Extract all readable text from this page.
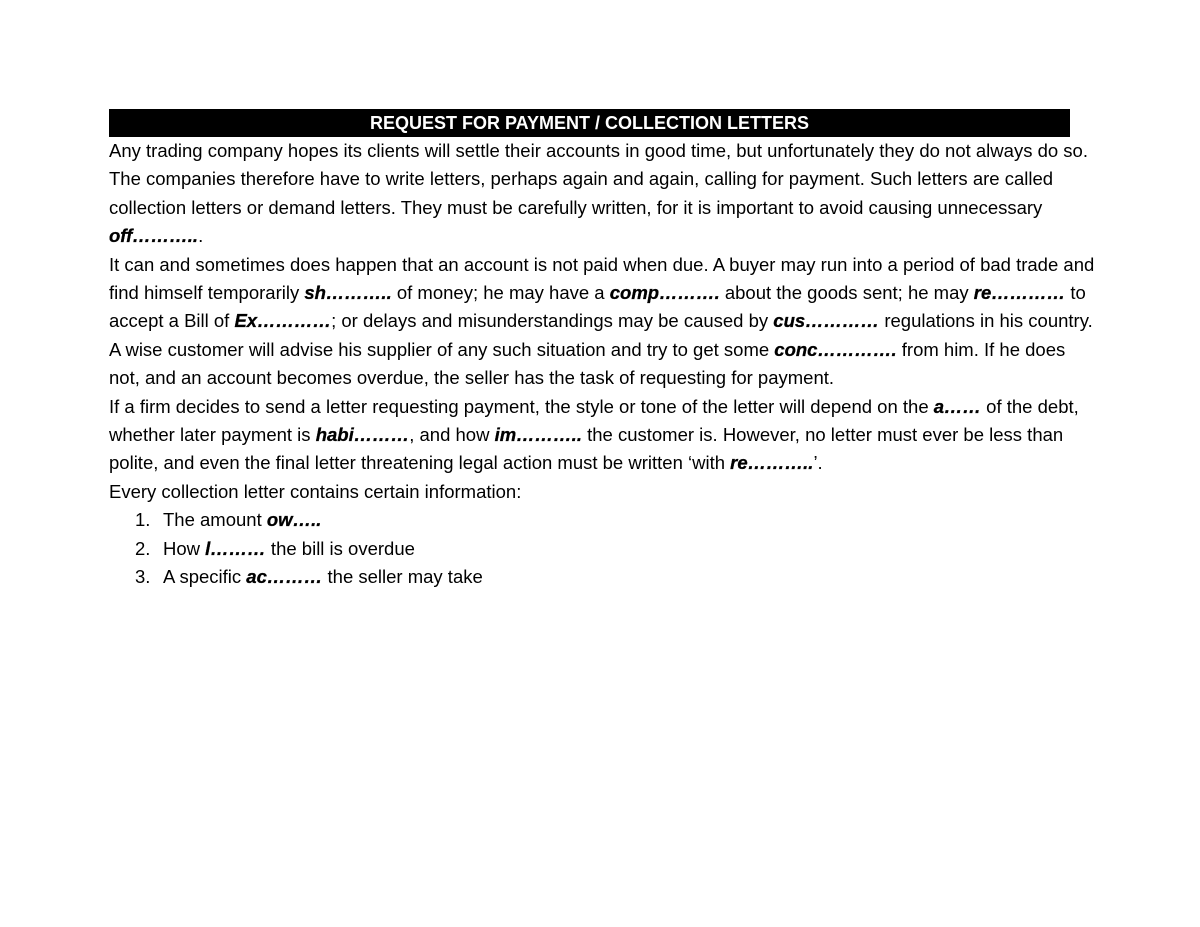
REQUEST FOR PAYMENT / COLLECTION LETTERS

Any trading company hopes its clients will settle their accounts in good time, but unfortunately they do not always do so. The companies therefore have to write letters, perhaps again and again, calling for payment. Such letters are called collection letters or demand letters. They must be carefully written, for it is important to avoid causing unnecessary off………...

It can and sometimes does happen that an account is not paid when due. A buyer may run into a period of bad trade and find himself temporarily sh……….. of money; he may have a comp………. about the goods sent; he may re………… to accept a Bill of Ex…………; or delays and misunderstandings may be caused by cus………… regulations in his country. A wise customer will advise his supplier of any such situation and try to get some conc…………. from him. If he does not, and an account becomes overdue, the seller has the task of requesting for payment.

If a firm decides to send a letter requesting payment, the style or tone of the letter will depend on the a…… of the debt, whether later payment is habi………, and how im……….. the customer is. However, no letter must ever be less than polite, and even the final letter threatening legal action must be written ‘with re………..’.

Every collection letter contains certain information:

1. The amount ow…..
2. How l……… the bill is overdue
3. A specific ac……… the seller may take
